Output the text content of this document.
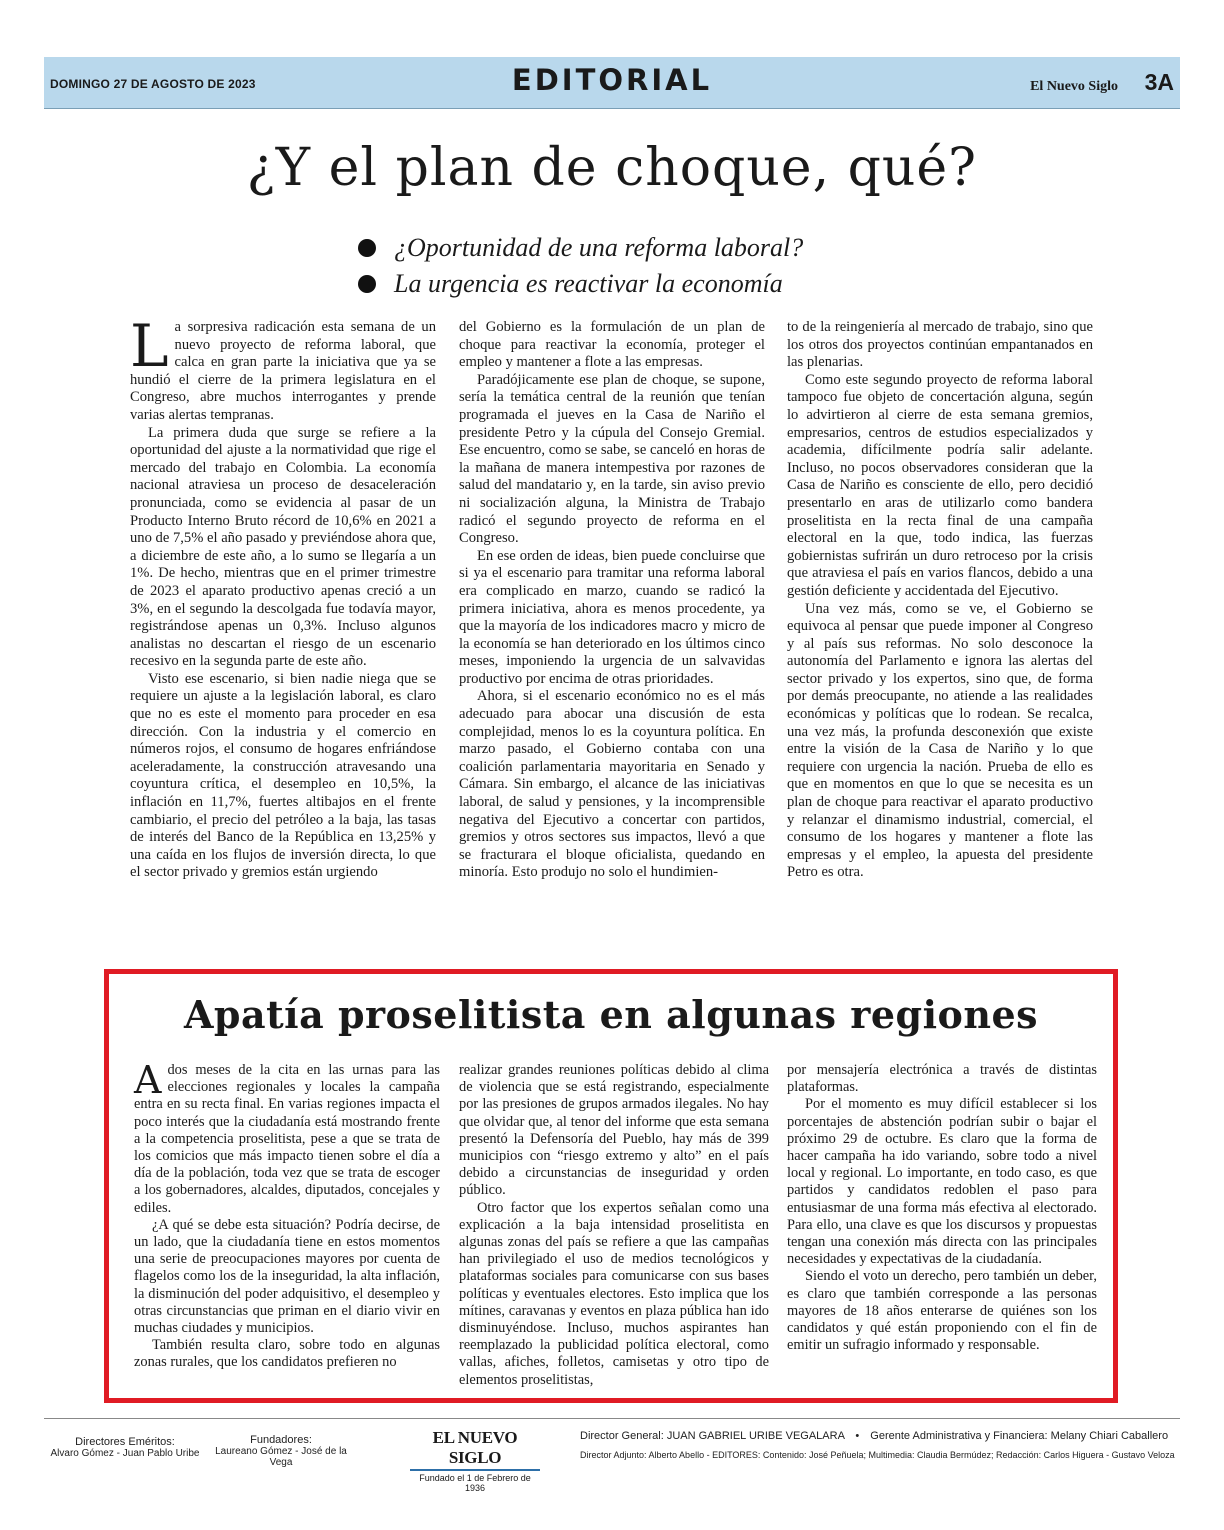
DOMINGO 27 DE AGOSTO DE 2023	EDITORIAL	El Nuevo Siglo 3A
¿Y el plan de choque, qué?
¿Oportunidad de una reforma laboral?
La urgencia es reactivar la economía

La sorpresiva radicación esta semana de un nuevo proyecto de reforma laboral, que calca en gran parte la iniciativa que ya se hundió el cierre de la primera legislatura en el Congreso, abre muchos interrogantes y prende varias alertas tempranas.

La primera duda que surge se refiere a la oportunidad del ajuste a la normatividad que rige el mercado del trabajo en Colombia. La economía nacional atraviesa un proceso de desaceleración pronunciada, como se evidencia al pasar de un Producto Interno Bruto récord de 10,6% en 2021 a uno de 7,5% el año pasado y previéndose ahora que, a diciembre de este año, a lo sumo se llegaría a un 1%. De hecho, mientras que en el primer trimestre de 2023 el aparato productivo apenas creció a un 3%, en el segundo la descolgada fue todavía mayor, registrándose apenas un 0,3%. Incluso algunos analistas no descartan el riesgo de un escenario recesivo en la segunda parte de este año.

Visto ese escenario, si bien nadie niega que se requiere un ajuste a la legislación laboral, es claro que no es este el momento para proceder en esa dirección. Con la industria y el comercio en números rojos, el consumo de hogares enfriándose aceleradamente, la construcción atravesando una coyuntura crítica, el desempleo en 10,5%, la inflación en 11,7%, fuertes altibajos en el frente cambiario, el precio del petróleo a la baja, las tasas de interés del Banco de la República en 13,25% y una caída en los flujos de inversión directa, lo que el sector privado y gremios están urgiendo

del Gobierno es la formulación de un plan de choque para reactivar la economía, proteger el empleo y mantener a flote a las empresas.

Paradójicamente ese plan de choque, se supone, sería la temática central de la reunión que tenían programada el jueves en la Casa de Nariño el presidente Petro y la cúpula del Consejo Gremial. Ese encuentro, como se sabe, se canceló en horas de la mañana de manera intempestiva por razones de salud del mandatario y, en la tarde, sin aviso previo ni socialización alguna, la Ministra de Trabajo radicó el segundo proyecto de reforma en el Congreso.

En ese orden de ideas, bien puede concluirse que si ya el escenario para tramitar una reforma laboral era complicado en marzo, cuando se radicó la primera iniciativa, ahora es menos procedente, ya que la mayoría de los indicadores macro y micro de la economía se han deteriorado en los últimos cinco meses, imponiendo la urgencia de un salvavidas productivo por encima de otras prioridades.

Ahora, si el escenario económico no es el más adecuado para abocar una discusión de esta complejidad, menos lo es la coyuntura política. En marzo pasado, el Gobierno contaba con una coalición parlamentaria mayoritaria en Senado y Cámara. Sin embargo, el alcance de las iniciativas laboral, de salud y pensiones, y la incomprensible negativa del Ejecutivo a concertar con partidos, gremios y otros sectores sus impactos, llevó a que se fracturara el bloque oficialista, quedando en minoría. Esto produjo no solo el hundimien-

to de la reingeniería al mercado de trabajo, sino que los otros dos proyectos continúan empantanados en las plenarias.

Como este segundo proyecto de reforma laboral tampoco fue objeto de concertación alguna, según lo advirtieron al cierre de esta semana gremios, empresarios, centros de estudios especializados y academia, difícilmente podría salir adelante. Incluso, no pocos observadores consideran que la Casa de Nariño es consciente de ello, pero decidió presentarlo en aras de utilizarlo como bandera proselitista en la recta final de una campaña electoral en la que, todo indica, las fuerzas gobiernistas sufrirán un duro retroceso por la crisis que atraviesa el país en varios flancos, debido a una gestión deficiente y accidentada del Ejecutivo.

Una vez más, como se ve, el Gobierno se equivoca al pensar que puede imponer al Congreso y al país sus reformas. No solo desconoce la autonomía del Parlamento e ignora las alertas del sector privado y los expertos, sino que, de forma por demás preocupante, no atiende a las realidades económicas y políticas que lo rodean. Se recalca, una vez más, la profunda desconexión que existe entre la visión de la Casa de Nariño y lo que requiere con urgencia la nación. Prueba de ello es que en momentos en que lo que se necesita es un plan de choque para reactivar el aparato productivo y relanzar el dinamismo industrial, comercial, el consumo de los hogares y mantener a flote las empresas y el empleo, la apuesta del presidente Petro es otra.

Apatía proselitista en algunas regiones

Ados meses de la cita en las urnas para las elecciones regionales y locales la campaña entra en su recta final. En varias regiones impacta el poco interés que la ciudadanía está mostrando frente a la competencia proselitista, pese a que se trata de los comicios que más impacto tienen sobre el día a día de la población, toda vez que se trata de escoger a los gobernadores, alcaldes, diputados, concejales y ediles.

¿A qué se debe esta situación? Podría decirse, de un lado, que la ciudadanía tiene en estos momentos una serie de preocupaciones mayores por cuenta de flagelos como los de la inseguridad, la alta inflación, la disminución del poder adquisitivo, el desempleo y otras circunstancias que priman en el diario vivir en muchas ciudades y municipios.

También resulta claro, sobre todo en algunas zonas rurales, que los candidatos prefieren no

realizar grandes reuniones políticas debido al clima de violencia que se está registrando, especialmente por las presiones de grupos armados ilegales. No hay que olvidar que, al tenor del informe que esta semana presentó la Defensoría del Pueblo, hay más de 399 municipios con “riesgo extremo y alto” en el país debido a circunstancias de inseguridad y orden público.

Otro factor que los expertos señalan como una explicación a la baja intensidad proselitista en algunas zonas del país se refiere a que las campañas han privilegiado el uso de medios tecnológicos y plataformas sociales para comunicarse con sus bases políticas y eventuales electores. Esto implica que los mítines, caravanas y eventos en plaza pública han ido disminuyéndose. Incluso, muchos aspirantes han reemplazado la publicidad política electoral, como vallas, afiches, folletos, camisetas y otro tipo de elementos proselitistas,

por mensajería electrónica a través de distintas plataformas.

Por el momento es muy difícil establecer si los porcentajes de abstención podrían subir o bajar el próximo 29 de octubre. Es claro que la forma de hacer campaña ha ido variando, sobre todo a nivel local y regional. Lo importante, en todo caso, es que partidos y candidatos redoblen el paso para entusiasmar de una forma más efectiva al electorado. Para ello, una clave es que los discursos y propuestas tengan una conexión más directa con las principales necesidades y expectativas de la ciudadanía.

Siendo el voto un derecho, pero también un deber, es claro que también corresponde a las personas mayores de 18 años enterarse de quiénes son los candidatos y qué están proponiendo con el fin de emitir un sufragio informado y responsable.

Directores Eméritos:
Alvaro Gómez - Juan Pablo Uribe
Fundadores:
Laureano Gómez - José de la Vega
EL NUEVO SIGLO
Fundado el 1 de Febrero de 1936
Director General: JUAN GABRIEL URIBE VEGALARA • Gerente Administrativa y Financiera: Melany Chiari Caballero
Director Adjunto: Alberto Abello - EDITORES: Contenido: José Peñuela; Multimedia: Claudia Bermúdez; Redacción: Carlos Higuera - Gustavo Veloza
